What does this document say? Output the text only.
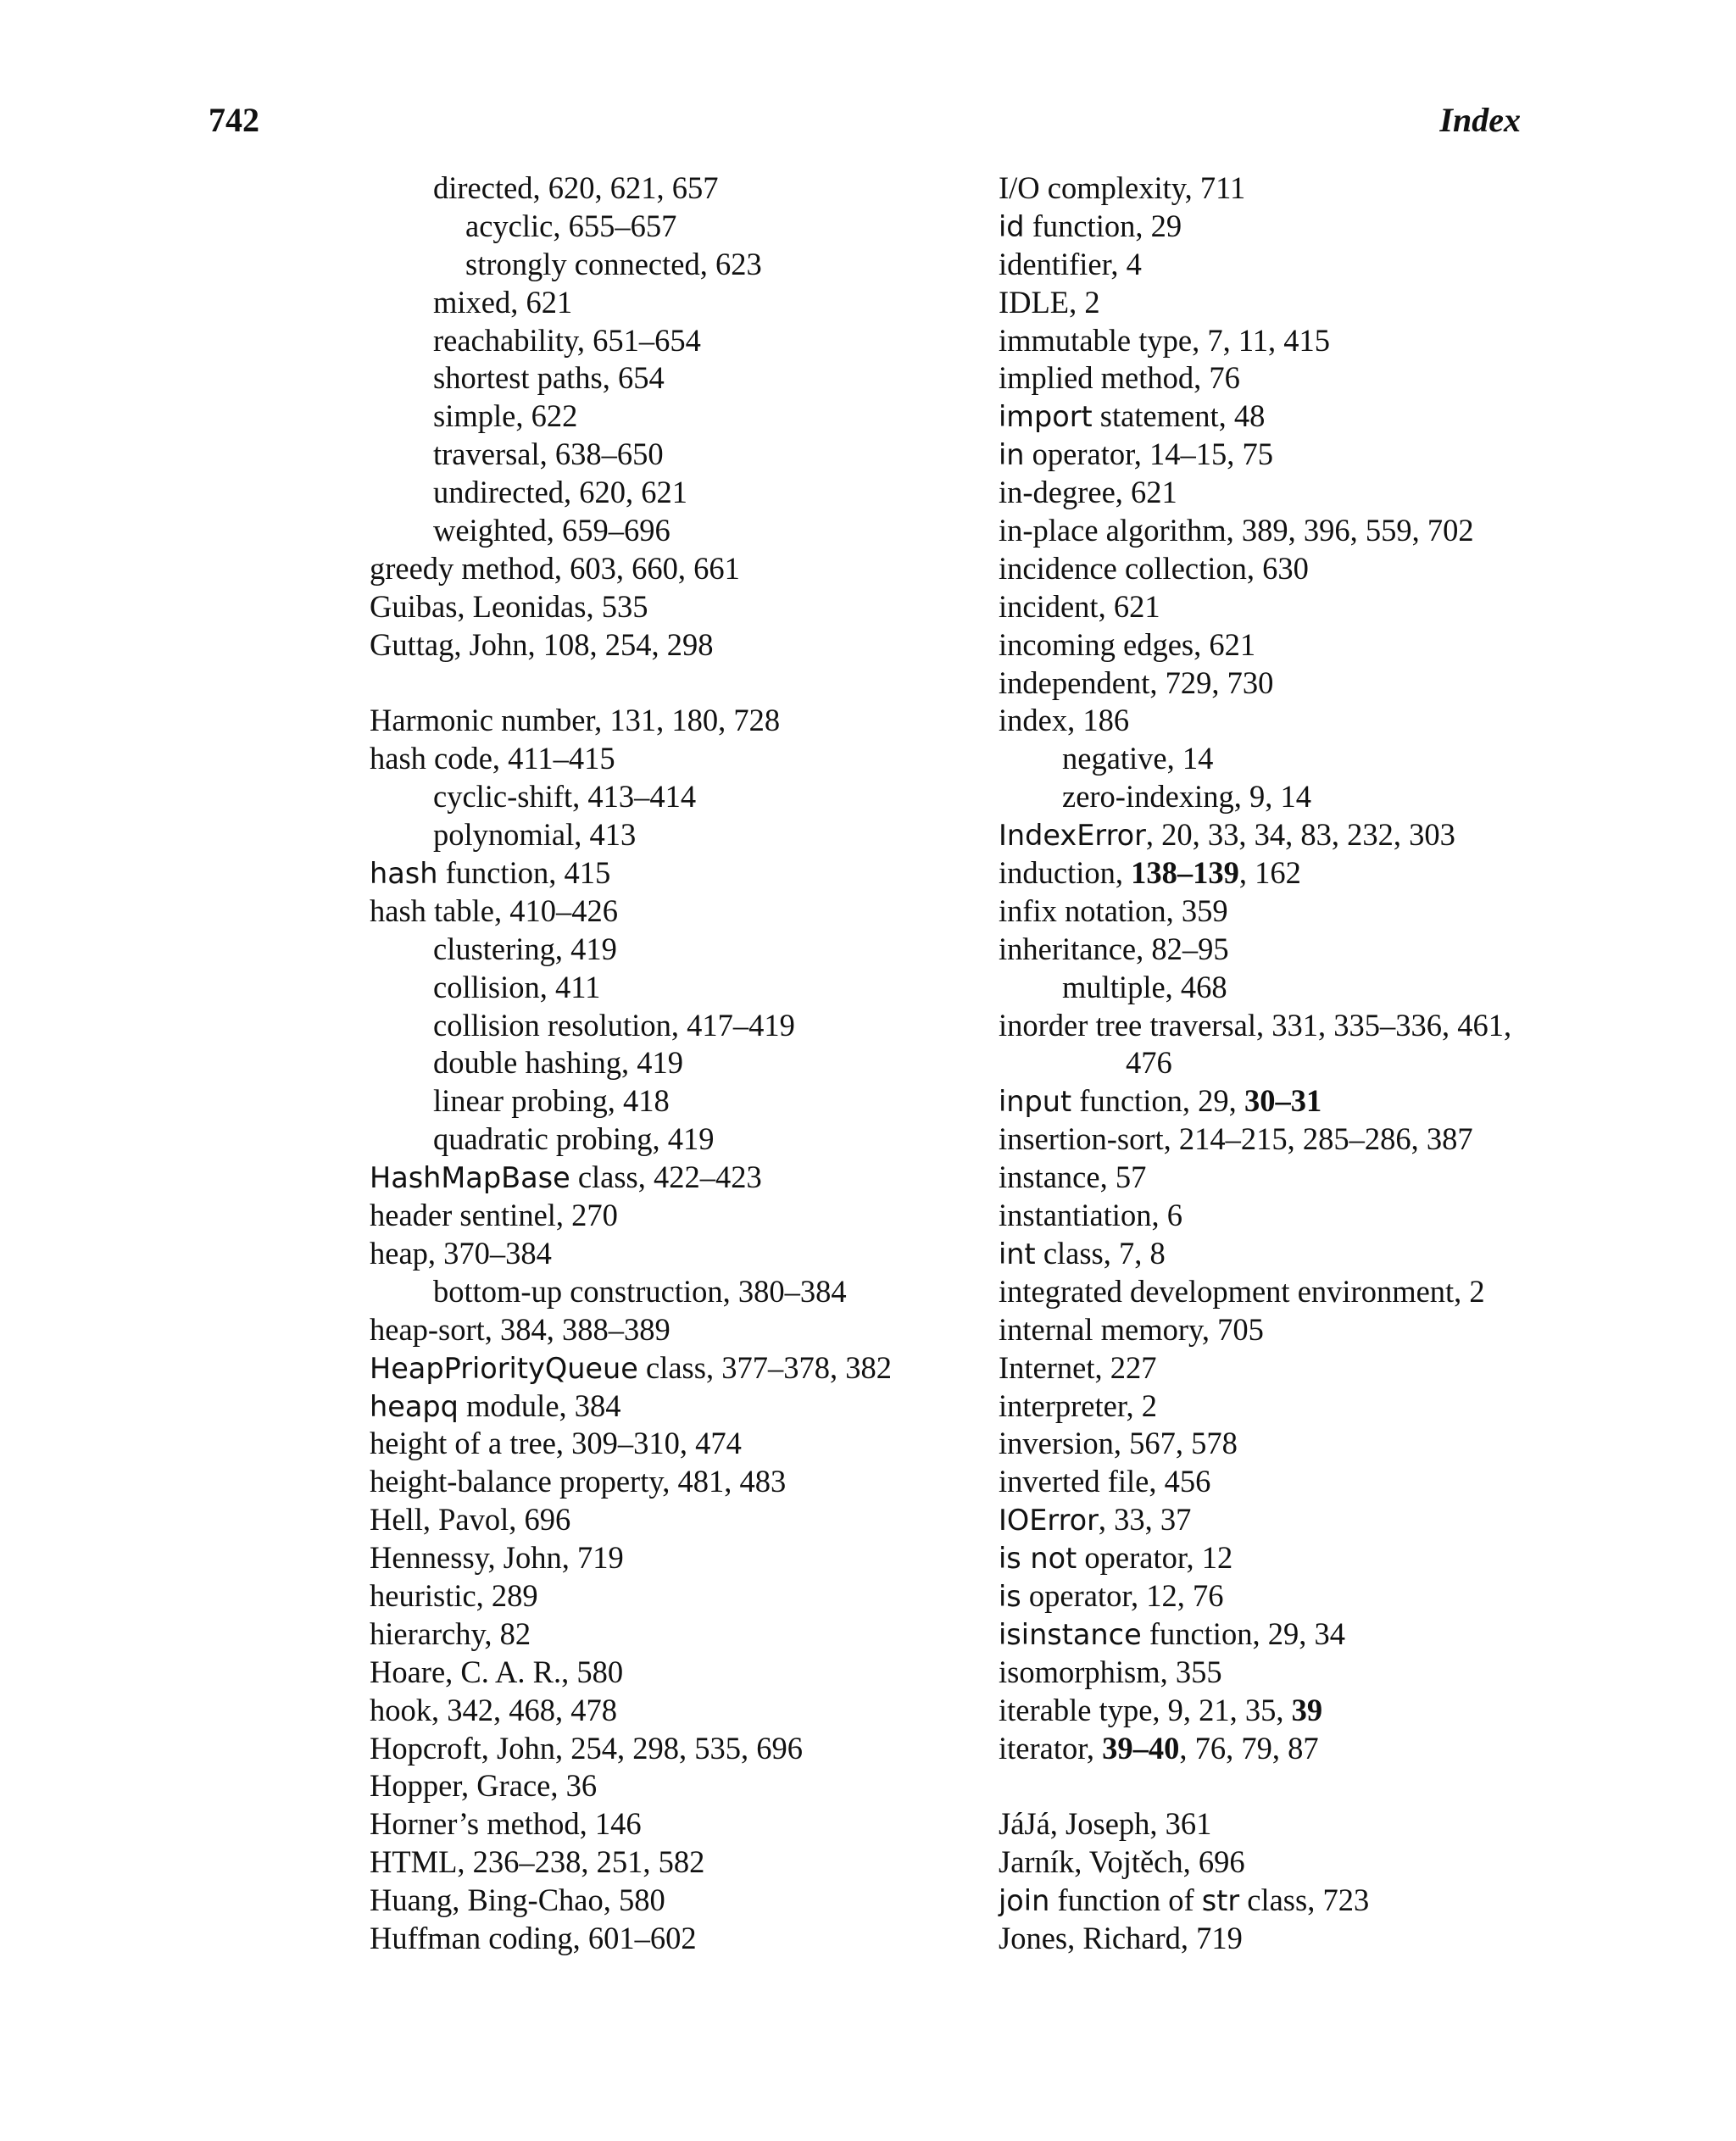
742	Index
directed, 620, 621, 657
acyclic, 655–657
strongly connected, 623
mixed, 621
reachability, 651–654
shortest paths, 654
simple, 622
traversal, 638–650
undirected, 620, 621
weighted, 659–696
greedy method, 603, 660, 661
Guibas, Leonidas, 535
Guttag, John, 108, 254, 298
Harmonic number, 131, 180, 728
hash code, 411–415
cyclic-shift, 413–414
polynomial, 413
hash function, 415
hash table, 410–426
clustering, 419
collision, 411
collision resolution, 417–419
double hashing, 419
linear probing, 418
quadratic probing, 419
HashMapBase class, 422–423
header sentinel, 270
heap, 370–384
bottom-up construction, 380–384
heap-sort, 384, 388–389
HeapPriorityQueue class, 377–378, 382
heapq module, 384
height of a tree, 309–310, 474
height-balance property, 481, 483
Hell, Pavol, 696
Hennessy, John, 719
heuristic, 289
hierarchy, 82
Hoare, C. A. R., 580
hook, 342, 468, 478
Hopcroft, John, 254, 298, 535, 696
Hopper, Grace, 36
Horner’s method, 146
HTML, 236–238, 251, 582
Huang, Bing-Chao, 580
Huffman coding, 601–602
I/O complexity, 711
id function, 29
identifier, 4
IDLE, 2
immutable type, 7, 11, 415
implied method, 76
import statement, 48
in operator, 14–15, 75
in-degree, 621
in-place algorithm, 389, 396, 559, 702
incidence collection, 630
incident, 621
incoming edges, 621
independent, 729, 730
index, 186
negative, 14
zero-indexing, 9, 14
IndexError, 20, 33, 34, 83, 232, 303
induction, 138–139, 162
infix notation, 359
inheritance, 82–95
multiple, 468
inorder tree traversal, 331, 335–336, 461,
476
input function, 29, 30–31
insertion-sort, 214–215, 285–286, 387
instance, 57
instantiation, 6
int class, 7, 8
integrated development environment, 2
internal memory, 705
Internet, 227
interpreter, 2
inversion, 567, 578
inverted file, 456
IOError, 33, 37
is not operator, 12
is operator, 12, 76
isinstance function, 29, 34
isomorphism, 355
iterable type, 9, 21, 35, 39
iterator, 39–40, 76, 79, 87
JáJá, Joseph, 361
Jarník, Vojtěch, 696
join function of str class, 723
Jones, Richard, 719
